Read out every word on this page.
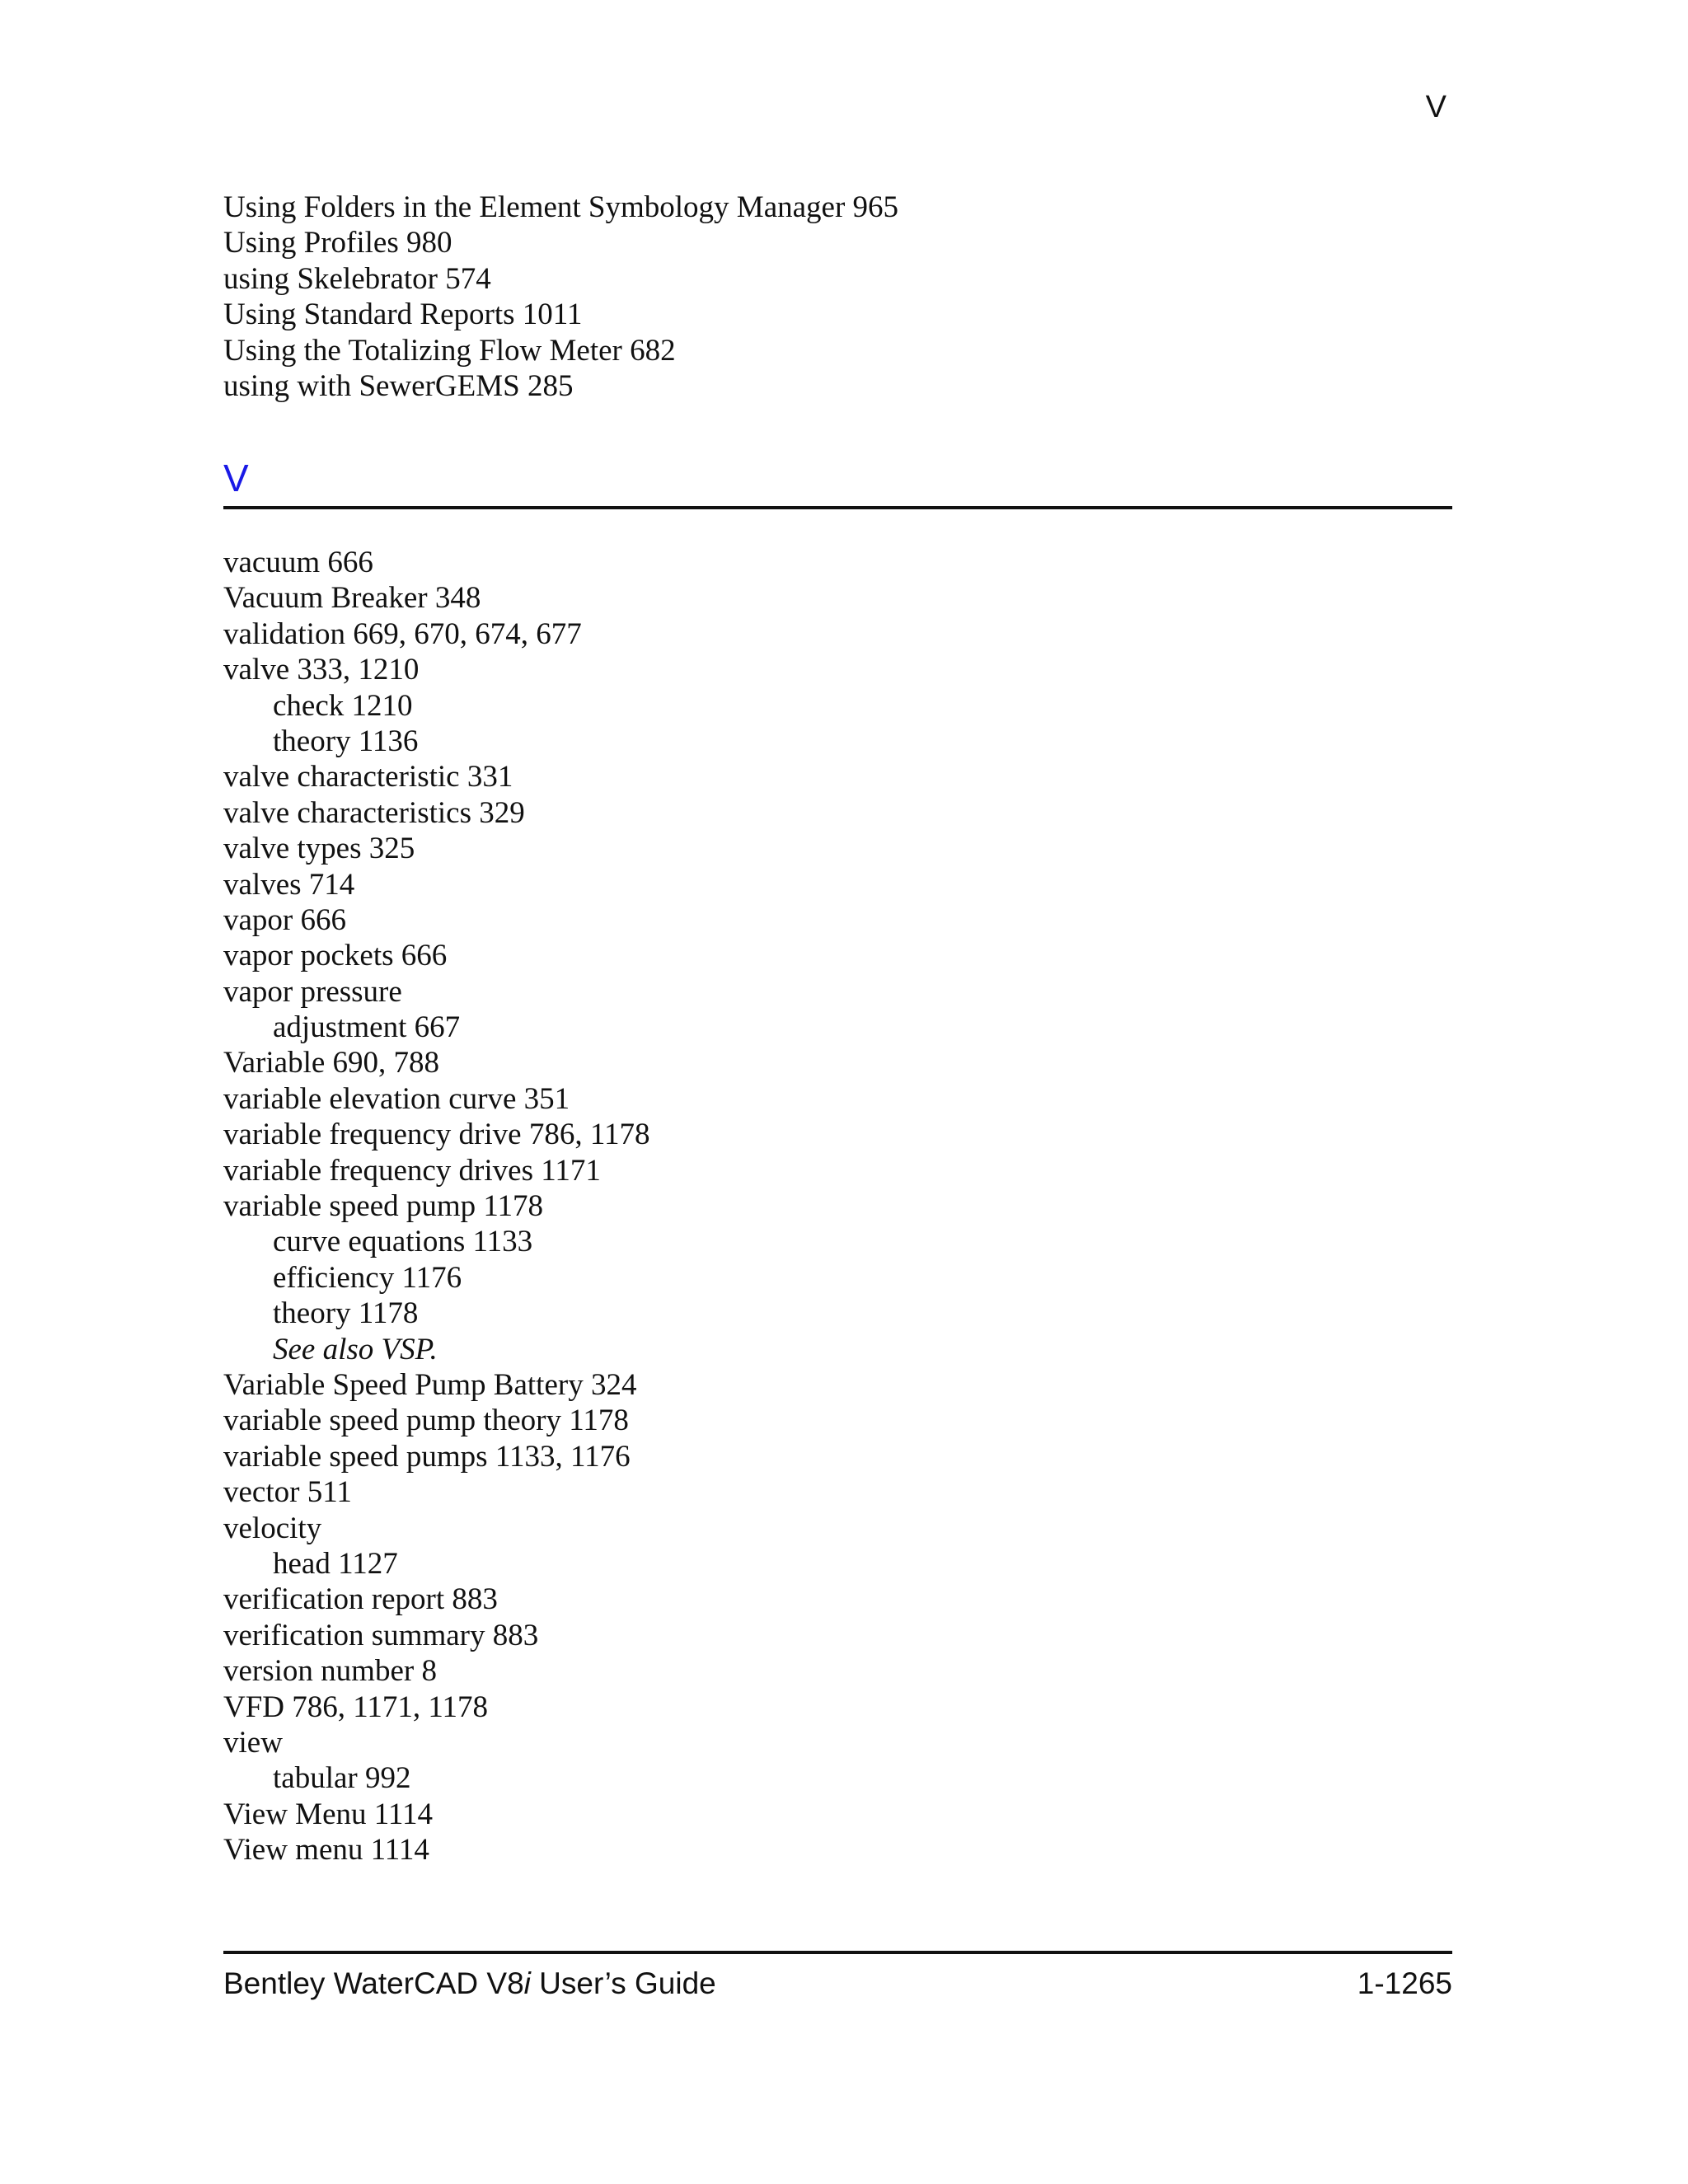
V
Using Folders in the Element Symbology Manager 965
Using Profiles 980
using Skelebrator 574
Using Standard Reports 1011
Using the Totalizing Flow Meter 682
using with SewerGEMS 285
V
vacuum 666
Vacuum Breaker 348
validation 669, 670, 674, 677
valve 333, 1210
check 1210
theory 1136
valve characteristic 331
valve characteristics 329
valve types 325
valves 714
vapor 666
vapor pockets 666
vapor pressure
adjustment 667
Variable 690, 788
variable elevation curve 351
variable frequency drive 786, 1178
variable frequency drives 1171
variable speed pump 1178
curve equations 1133
efficiency 1176
theory 1178
See also VSP.
Variable Speed Pump Battery 324
variable speed pump theory 1178
variable speed pumps 1133, 1176
vector 511
velocity
head 1127
verification report 883
verification summary 883
version number 8
VFD 786, 1171, 1178
view
tabular 992
View Menu 1114
View menu 1114
Bentley WaterCAD V8i User’s Guide	1-1265
